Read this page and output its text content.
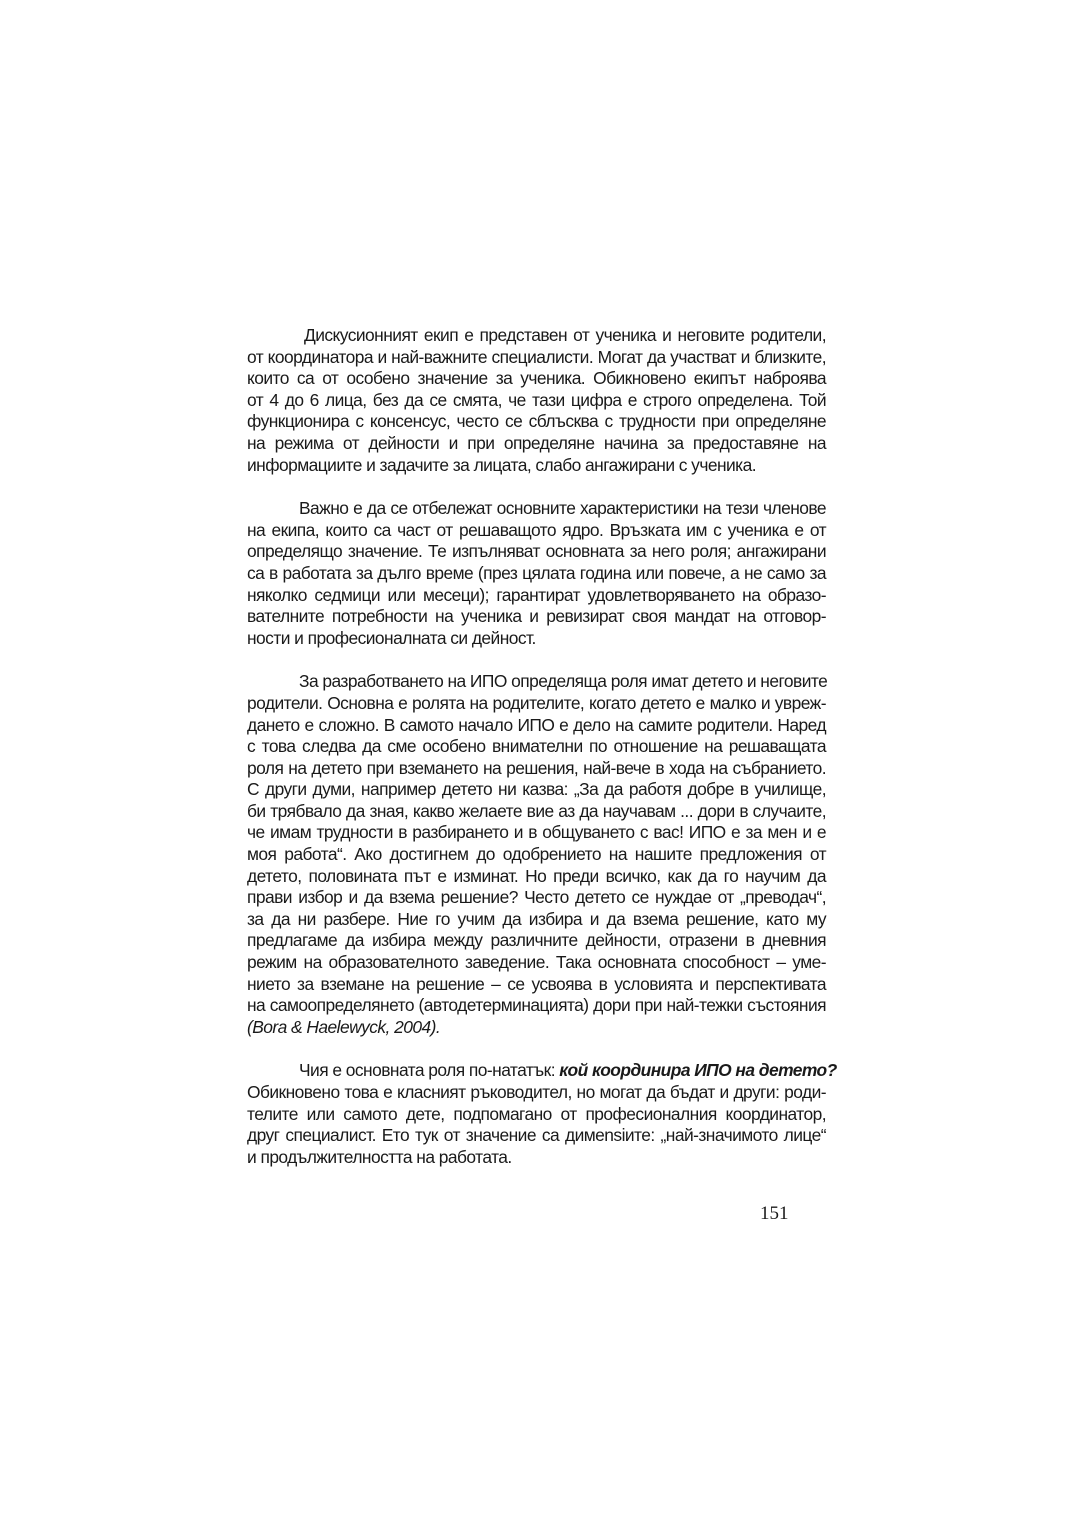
Дискусионният екип е представен от ученика и неговите родители,
от координатора и най-важните специалисти. Могат да участват и близките,
които са от особено значение за ученика. Обикновено екипът наброява
от 4 до 6 лица, без да се смята, че тази цифра е строго определена. Той
функционира с консенсус, често се сблъсква с трудности при определяне
на режима от дейности и при определяне начина за предоставяне на
информациите и задачите за лицата, слабо ангажирани с ученика.
Важно е да се отбележат основните характеристики на тези членове
на екипа, които са част от решаващото ядро. Връзката им с ученика е от
определящо значение. Те изпълняват основната за него роля; ангажирани
са в работата за дълго време (през цялата година или повече, а не само за
няколко седмици или месеци); гарантират удовлетворяването на образо-
вателните потребности на ученика и ревизират своя мандат на отговор-
ности и професионалната си дейност.
За разработването на ИПО определяща роля имат детето и неговите
родители. Основна е ролята на родителите, когато детето е малко и увреж-
дането е сложно. В самото начало ИПО е дело на самите родители. Наред
с това следва да сме особено внимателни по отношение на решаващата
роля на детето при вземането на решения, най-вече в хода на събранието.
С други думи, например детето ни казва: „За да работя добре в училище,
би трябвало да зная, какво желаете вие аз да научавам ... дори в случаите,
че имам трудности в разбирането и в общуването с вас! ИПО е за мен и е
моя работа“. Ако достигнем до одобрението на нашите предложения от
детето, половината път е изминат. Но преди всичко, как да го научим да
прави избор и да взема решение? Често детето се нуждае от „преводач“,
за да ни разбере. Ние го учим да избира и да взема решение, като му
предлагаме да избира между различните дейности, отразени в дневния
режим на образователното заведение. Така основната способност – уме-
нието за вземане на решение – се усвоява в условията и перспективата
на самоопределянето (автодетерминацията) дори при най-тежки състояния
(Bora & Haelewyck, 2004).
Чия е основната роля по-нататък: кой координира ИПО на детето?
Обикновено това е класният ръководител, но могат да бъдат и други: роди-
телите или самото дете, подпомагано от професионалния координатор,
друг специалист. Ето тук от значение са димensiите: „най-значимото лице“
и продължителността на работата.
151
